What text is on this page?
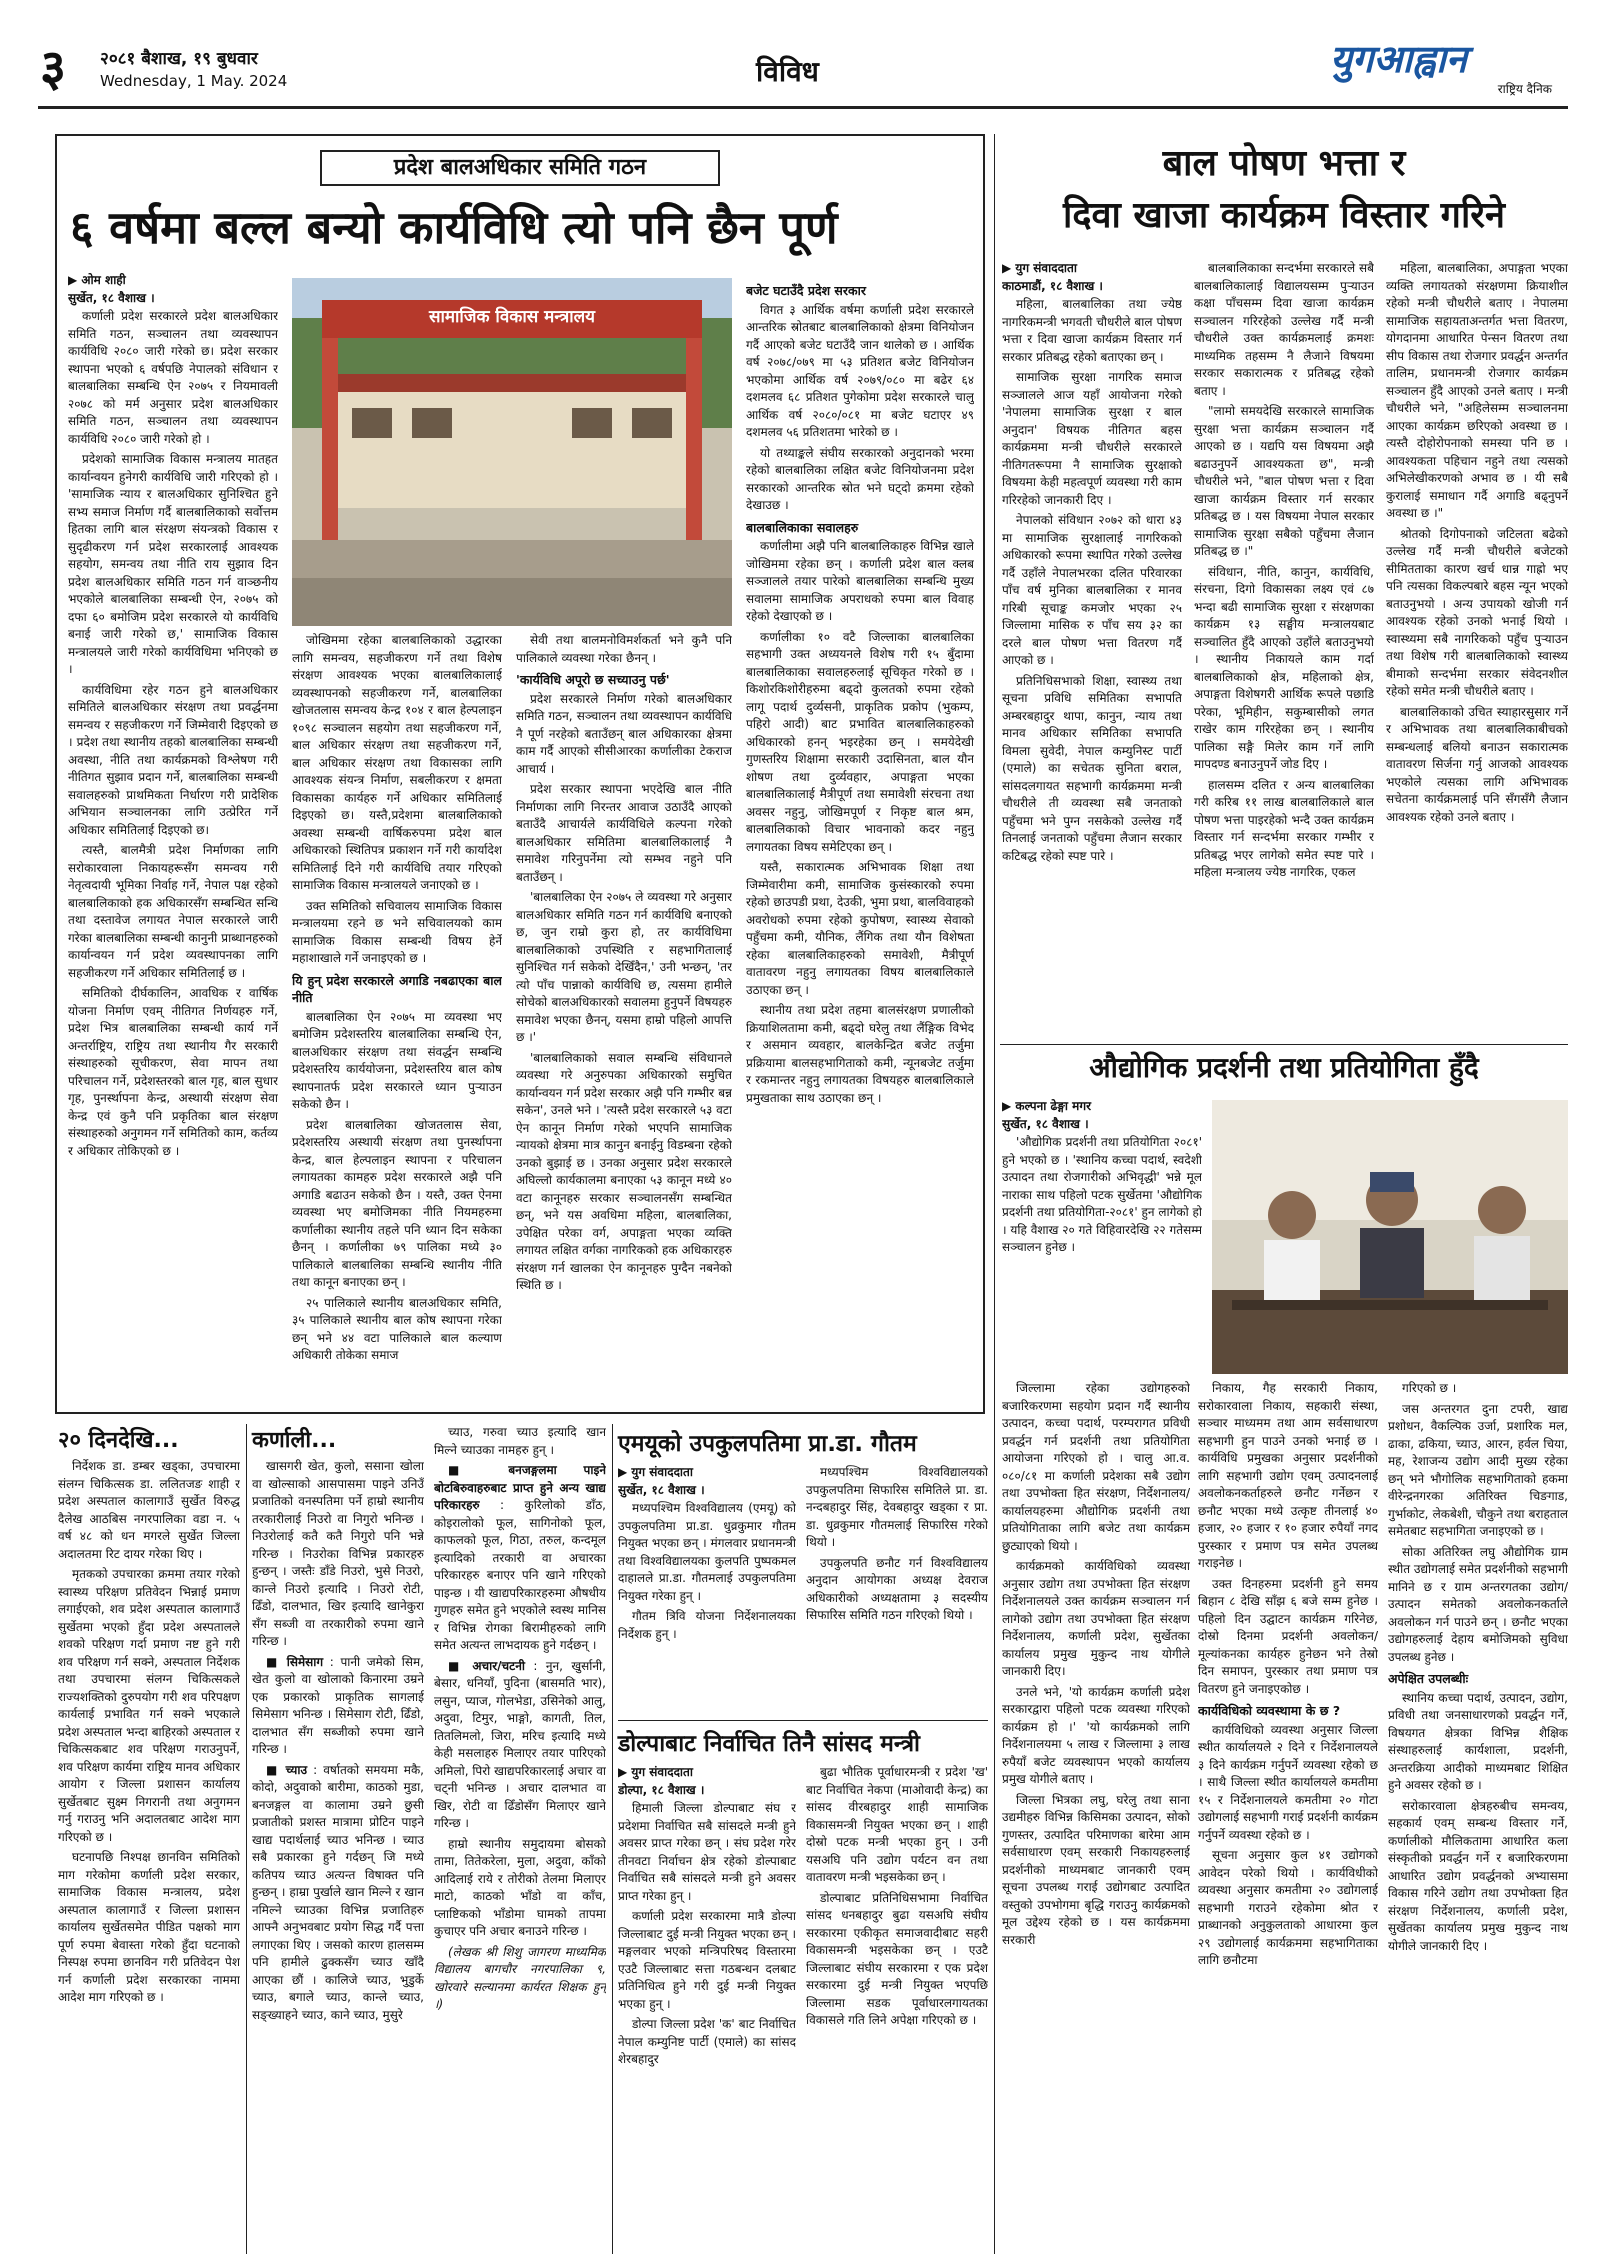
३ २०८१ बैशाख, १९ बुधवार
Wednesday, 1 May. 2024	विविध	युगआह्वान
राष्ट्रिय दैनिक
प्रदेश बालअधिकार समिति गठन
६ वर्षमा बल्ल बन्यो कार्यविधि त्यो पनि छैन पूर्ण
▶ ओम शाही
सुर्खेत, १८ वैशाख ।

कर्णाली प्रदेश सरकारले प्रदेश बालअधिकार समिति गठन, सञ्चालन तथा व्यवस्थापन कार्यविधि २०८० जारी गरेको छ। प्रदेश सरकार स्थापना भएको ६ वर्षपछि नेपालको संविधान र बालबालिका सम्बन्धि ऐन २०७५ र नियमावली २०७८ को मर्म अनुसार प्रदेश बालअधिकार समिति गठन, सञ्चालन तथा व्यवस्थापन कार्यविधि २०८० जारी गरेको हो ।

प्रदेशको सामाजिक विकास मन्त्रालय मातहत कार्यान्वयन हुनेगरी कार्यविधि जारी गरिएको हो । 'सामाजिक न्याय र बालअधिकार सुनिश्चित हुने सभ्य समाज निर्माण गर्दै बालबालिकाको सर्वोत्तम हितका लागि बाल संरक्षण संयन्त्रको विकास र सुदृढीकरण गर्न प्रदेश सरकारलाई आवश्यक सहयोग, समन्वय तथा नीति राय सुझाव दिन प्रदेश बालअधिकार समिति गठन गर्न वाञ्छनीय भएकोले बालबालिका सम्बन्धी ऐन, २०७५ को दफा ६० बमोजिम प्रदेश सरकारले यो कार्यविधि बनाई जारी गरेको छ,' सामाजिक विकास मन्त्रालयले जारी गरेको कार्यविधिमा भनिएको छ ।

कार्यविधिमा रहेर गठन हुने बालअधिकार समितिले बालअधिकार संरक्षण तथा प्रवर्द्धनमा समन्वय र सहजीकरण गर्ने जिम्मेवारी दिइएको छ । प्रदेश तथा स्थानीय तहको बालबालिका सम्बन्धी अवस्था, नीति तथा कार्यक्रमको विश्लेषण गरी नीतिगत सुझाव प्रदान गर्ने, बालबालिका सम्बन्धी सवालहरुको प्राथमिकता निर्धारण गरी प्रादेशिक अभियान सञ्चालनका लागि उत्प्रेरित गर्ने अधिकार समितिलाई दिइएको छ।

त्यस्तै, बालमैत्री प्रदेश निर्माणका लागि सरोकारवाला निकायहरूसँग समन्वय गरी नेतृत्वदायी भूमिका निर्वाह गर्ने, नेपाल पक्ष रहेको बालबालिकाको हक अधिकारसँग सम्बन्धित सन्धि तथा दस्तावेज लगायत नेपाल सरकारले जारी गरेका बालबालिका सम्बन्धी कानुनी प्राब्धानहरुको कार्यान्वयन गर्न प्रदेश व्यवस्थापनका लागि सहजीकरण गर्ने अधिकार समितिलाई छ ।

समितिको दीर्घकालिन, आवधिक र वार्षिक योजना निर्माण एवम् नीतिगत निर्णयहरु गर्ने, प्रदेश भित्र बालबालिका सम्बन्धी कार्य गर्ने अन्तर्राष्ट्रिय, राष्ट्रिय तथा स्थानीय गैर सरकारी संस्थाहरुको सूचीकरण, सेवा मापन तथा परिचालन गर्ने, प्रदेशस्तरको बाल गृह, बाल सुधार गृह, पुनर्स्थापना केन्द्र, अस्थायी संरक्षण सेवा केन्द्र एवं कुनै पनि प्रकृतिका बाल संरक्षण संस्थाहरुको अनुगमन गर्ने समितिको काम, कर्तव्य र अधिकार तोकिएको छ ।

सामाजिक विकास मन्त्रालय

जोखिममा रहेका बालबालिकाको उद्धारका लागि समन्वय, सहजीकरण गर्ने तथा विशेष संरक्षण आवश्यक भएका बालबालिकालाई व्यवस्थापनको सहजीकरण गर्ने, बालबालिका खोजतलास समन्वय केन्द्र १०४ र बाल हेल्पलाइन १०९८ सञ्चालन सहयोग तथा सहजीकरण गर्ने, बाल अधिकार संरक्षण तथा सहजीकरण गर्ने, बाल अधिकार संरक्षण तथा विकासका लागि आवश्यक संयन्त्र निर्माण, सबलीकरण र क्षमता विकासका कार्यहरु गर्ने अधिकार समितिलाई दिइएको छ। यस्तै,प्रदेशमा बालबालिकाको अवस्था सम्बन्धी वार्षिकरुपमा प्रदेश बाल अधिकारको स्थितिपत्र प्रकाशन गर्ने गरी कार्यादेश समितिलाई दिने गरी कार्यविधि तयार गरिएको सामाजिक विकास मन्त्रालयले जनाएको छ ।

उक्त समितिको सचिवालय सामाजिक विकास मन्त्रालयमा रहने छ भने सचिवालयको काम सामाजिक विकास सम्बन्धी विषय हेर्ने महाशाखाले गर्ने जनाइएको छ ।

यि हुन् प्रदेश सरकारले अगाडि नबढाएका बाल नीति

बालबालिका ऐन २०७५ मा व्यवस्था भए बमोजिम प्रदेशस्तरिय बालबालिका सम्बन्धि ऐन, बालअधिकार संरक्षण तथा संवर्द्धन सम्बन्धि प्रदेशस्तरिय कार्ययोजना, प्रदेशस्तरिय बाल कोष स्थापनातर्फ प्रदेश सरकारले ध्यान पुऱ्याउन सकेको छैन ।

प्रदेश बालबालिका खोजतलास सेवा, प्रदेशस्तरिय अस्थायी संरक्षण तथा पुनर्स्थापना केन्द्र, बाल हेल्पलाइन स्थापना र परिचालन लगायतका कामहरु प्रदेश सरकारले अझै पनि अगाडि बढाउन सकेको छैन । यस्तै, उक्त ऐनमा व्यवस्था भए बमोजिमका नीति नियमहरुमा कर्णालीका स्थानीय तहले पनि ध्यान दिन सकेका छैनन् । कर्णालीका ७९ पालिका मध्ये ३० पालिकाले बालबालिका सम्बन्धि स्थानीय नीति तथा कानून बनाएका छन् ।

२५ पालिकाले स्थानीय बालअधिकार समिति, ३५ पालिकाले स्थानीय बाल कोष स्थापना गरेका छन् भने ४४ वटा पालिकाले बाल कल्याण अधिकारी तोकेका समाज

सेवी तथा बालमनोविमर्शकर्ता भने कुनै पनि पालिकाले व्यवस्था गरेका छैनन् ।

'कार्यविधि अपूरो छ सच्याउनु पर्छ'

प्रदेश सरकारले निर्माण गरेको बालअधिकार समिति गठन, सञ्चालन तथा व्यवस्थापन कार्यविधि नै पूर्ण नरहेको बताउँछन् बाल अधिकारका क्षेत्रमा काम गर्दै आएको सीसीआरका कर्णालीका टेकराज आचार्य ।

प्रदेश सरकार स्थापना भएदेखि बाल नीति निर्माणका लागि निरन्तर आवाज उठाउँदै आएको बताउँदै आचार्यले कार्यविधिले कल्पना गरेको बालअधिकार समितिमा बालबालिकालाई नै समावेश गरिनुपर्नेमा त्यो सम्भव नहुने पनि बताउँछन् ।

'बालबालिका ऐन २०७५ ले व्यवस्था गरे अनुसार बालअधिकार समिति गठन गर्न कार्यविधि बनाएको छ, जुन राम्रो कुरा हो, तर कार्यविधिमा बालबालिकाको उपस्थिति र सहभागितालाई सुनिश्चित गर्न सकेको देखिँदैन,' उनी भन्छन्, 'तर त्यो पाँच पान्नाको कार्यविधि छ, त्यसमा हामीले सोचेको बालअधिकारको सवालमा हुनुपर्ने विषयहरु समावेश भएका छैनन्, यसमा हाम्रो पहिलो आपत्ति छ ।'

'बालबालिकाको सवाल सम्बन्धि संविधानले व्यवस्था गरे अनुरुपका अधिकारको समुचित कार्यान्वयन गर्न प्रदेश सरकार अझै पनि गम्भीर बन्न सकेन', उनले भने । 'त्यस्तै प्रदेश सरकारले ५३ वटा ऐन कानून निर्माण गरेको भएपनि सामाजिक न्यायको क्षेत्रमा मात्र कानुन बनाईनु विडम्बना रहेको उनको बुझाई छ । उनका अनुसार प्रदेश सरकारले अघिल्लो कार्यकालमा बनाएका ५३ कानून मध्ये ४० वटा कानूनहरु सरकार सञ्चालनसँग सम्बन्धित छन्, भने यस अवधिमा महिला, बालबालिका, उपेक्षित परेका वर्ग, अपाङ्गता भएका व्यक्ति लगायत लक्षित वर्गका नागरिकको हक अधिकारहरु संरक्षण गर्न खालका ऐन कानूनहरु पुग्दैन नबनेको स्थिति छ ।

बजेट घटाउँदै प्रदेश सरकार

विगत ३ आर्थिक वर्षमा कर्णाली प्रदेश सरकारले आन्तरिक स्रोतबाट बालबालिकाको क्षेत्रमा विनियोजन गर्दै आएको बजेट घटाउँदै जान थालेको छ । आर्थिक वर्ष २०७८/०७९ मा ५३ प्रतिशत बजेट विनियोजन भएकोमा आर्थिक वर्ष २०७९/०८० मा बढेर ६४ दशमलव ६८ प्रतिशत पुगेकोमा प्रदेश सरकारले चालु आर्थिक वर्ष २०८०/०८१ मा बजेट घटाएर ४९ दशमलव ५६ प्रतिशतमा भारेको छ ।

यो तथ्याङ्कले संघीय सरकारको अनुदानको भरमा रहेको बालबालिका लक्षित बजेट विनियोजनमा प्रदेश सरकारको आन्तरिक स्रोत भने घट्दो क्रममा रहेको देखाउछ ।

बालबालिकाका सवालहरु

कर्णालीमा अझै पनि बालबालिकाहरु विभिन्न खाले जोखिममा रहेका छन् । कर्णाली प्रदेश बाल क्लब सञ्जालले तयार पारेको बालबालिका सम्बन्धि मुख्य सवालमा सामाजिक अपराधको रुपमा बाल विवाह रहेको देखाएको छ ।

कर्णालीका १० वटै जिल्लाका बालबालिका सहभागी उक्त अध्ययनले विशेष गरी १५ बुँदामा बालबालिकाका सवालहरुलाई सूचिकृत गरेको छ । किशोरकिशोरीहरुमा बढ्दो कुलतको रुपमा रहेको लागू पदार्थ दुर्व्यसनी, प्राकृतिक प्रकोप (भुकम्प, पहिरो आदी) बाट प्रभावित बालबालिकाहरुको अधिकारको हनन् भइरहेका छन् । समयेदेखी गुणस्तरिय शिक्षामा सरकारी उदासिनता, बाल यौन शोषण तथा दुर्व्यवहार, अपाङ्गता भएका बालबालिकालाई मैत्रीपूर्ण तथा समावेशी संरचना तथा अवसर नहुनु, जोखिमपूर्ण र निकृष्ट बाल श्रम, बालबालिकाको विचार भावनाको कदर नहुनु लगायतका विषय समेटिएका छन् ।

यस्तै, सकारात्मक अभिभावक शिक्षा तथा जिम्मेवारीमा कमी, सामाजिक कुसंस्कारको रुपमा रहेको छाउपडी प्रथा, देउकी, भुमा प्रथा, बालविवाहको अवरोधको रुपमा रहेको कुपोषण, स्वास्थ्य सेवाको पहुँचमा कमी, यौनिक, लैंगिक तथा यौन विशेषता रहेका बालबालिकाहरुको समावेशी, मैत्रीपूर्ण वातावरण नहुनु लगायतका विषय बालबालिकाले उठाएका छन् ।

स्थानीय तथा प्रदेश तहमा बालसंरक्षण प्रणालीको क्रियाशिलतामा कमी, बढ्दो घरेलु तथा लैंङ्गिक विभेद र असमान व्यवहार, बालकेन्द्रित बजेट तर्जुमा प्रक्रियामा बालसहभागिताको कमी, न्यूनबजेट तर्जुमा र रकमान्तर नहुनु लगायतका विषयहरु बालबालिकाले प्रमुखताका साथ उठाएका छन् ।

बाल पोषण भत्ता र
दिवा खाजा कार्यक्रम विस्तार गरिने
▶ युग संवाददाता
काठमाडौं, १८ वैशाख ।

महिला, बालबालिका तथा ज्येष्ठ नागरिकमन्त्री भगवती चौधरीले बाल पोषण भत्ता र दिवा खाजा कार्यक्रम विस्तार गर्न सरकार प्रतिबद्ध रहेको बताएका छन् ।

सामाजिक सुरक्षा नागरिक समाज सञ्जालले आज यहाँ आयोजना गरेको 'नेपालमा सामाजिक सुरक्षा र बाल अनुदान' विषयक नीतिगत बहस कार्यक्रममा मन्त्री चौधरीले सरकारले नीतिगतरूपमा नै सामाजिक सुरक्षाको विषयमा केही महत्वपूर्ण व्यवस्था गरी काम गरिरहेको जानकारी दिए ।

नेपालको संविधान २०७२ को धारा ४३ मा सामाजिक सुरक्षालाई नागरिकको अधिकारको रूपमा स्थापित गरेको उल्लेख गर्दै उहाँले नेपालभरका दलित परिवारका पाँच वर्ष मुनिका बालबालिका र मानव गरिबी सूचाङ्क कमजोर भएका २५ जिल्लामा मासिक रु पाँच सय ३२ का दरले बाल पोषण भत्ता वितरण गर्दै आएको छ ।

प्रतिनिधिसभाको शिक्षा, स्वास्थ्य तथा सूचना प्रविधि समितिका सभापति अम्बरबहादुर थापा, कानुन, न्याय तथा मानव अधिकार समितिका सभापति विमला सुवेदी, नेपाल कम्युनिस्ट पार्टी (एमाले) का सचेतक सुनिता बराल, सांसदलगायत सहभागी कार्यक्रममा मन्त्री चौधरीले ती व्यवस्था सबै जनताको पहुँचमा भने पुग्न नसकेको उल्लेख गर्दै तिनलाई जनताको पहुँचमा लैजान सरकार कटिबद्ध रहेको स्पष्ट पारे ।

बालबालिकाका सन्दर्भमा सरकारले सबै बालबालिकालाई विद्यालयसम्म पुऱ्याउन कक्षा पाँचसम्म दिवा खाजा कार्यक्रम सञ्चालन गरिरहेको उल्लेख गर्दै मन्त्री चौधरीले उक्त कार्यक्रमलाई क्रमशः माध्यमिक तहसम्म नै लैजाने विषयमा सरकार सकारात्मक र प्रतिबद्ध रहेको बताए ।

"लामो समयदेखि सरकारले सामाजिक सुरक्षा भत्ता कार्यक्रम सञ्चालन गर्दै आएको छ । यद्यपि यस विषयमा अझै बढाउनुपर्ने आवश्यकता छ", मन्त्री चौधरीले भने, "बाल पोषण भत्ता र दिवा खाजा कार्यक्रम विस्तार गर्न सरकार प्रतिबद्ध छ । यस विषयमा नेपाल सरकार सामाजिक सुरक्षा सबैको पहुँचमा लैजान प्रतिबद्ध छ ।"

संविधान, नीति, कानुन, कार्यविधि, संरचना, दिगो विकासका लक्ष्य एवं ८७ भन्दा बढी सामाजिक सुरक्षा र संरक्षणका कार्यक्रम १३ सङ्घीय मन्त्रालयबाट सञ्चालित हुँदै आएको उहाँले बताउनुभयो । स्थानीय निकायले काम गर्दा बालबालिकाको क्षेत्र, महिलाको क्षेत्र, अपाङ्गता विशेषगरी आर्थिक रूपले पछाडि परेका, भूमिहीन, सकुम्बासीको लगत राखेर काम गरिरहेका छन् । स्थानीय पालिका सङ्गै मिलेर काम गर्ने लागि मापदण्ड बनाउनुपर्ने जोड दिए ।

हालसम्म दलित र अन्य बालबालिका गरी करिब ११ लाख बालबालिकाले बाल पोषण भत्ता पाइरहेको भन्दै उक्त कार्यक्रम विस्तार गर्न सन्दर्भमा सरकार गम्भीर र प्रतिबद्ध भएर लागेको समेत स्पष्ट पारे । महिला मन्त्रालय ज्येष्ठ नागरिक, एकल

महिला, बालबालिका, अपाङ्गता भएका व्यक्ति लगायतको संरक्षणमा क्रियाशील रहेको मन्त्री चौधरीले बताए । नेपालमा सामाजिक सहायताअन्तर्गत भत्ता वितरण, योगदानमा आधारित पेन्सन वितरण तथा सीप विकास तथा रोजगार प्रवर्द्धन अन्तर्गत तालिम, प्रधानमन्त्री रोजगार कार्यक्रम सञ्चालन हुँदै आएको उनले बताए । मन्त्री चौधरीले भने, "अहिलेसम्म सञ्चालनमा आएका कार्यक्रम छरिएको अवस्था छ । त्यस्तै दोहोरोपनाको समस्या पनि छ । आवश्यकता पहिचान नहुने तथा त्यसको अभिलेखीकरणको अभाव छ । यी सबै कुरालाई समाधान गर्दै अगाडि बढ्नुपर्ने अवस्था छ ।"

श्रोतको दिगोपनाको जटिलता बढेको उल्लेख गर्दै मन्त्री चौधरीले बजेटको सीमितताका कारण खर्च धान्न गाह्रो भए पनि त्यसका विकल्पबारे बहस न्यून भएको बताउनुभयो । अन्य उपायको खोजी गर्न आवश्यक रहेको उनको भनाई थियो । स्वास्थ्यमा सबै नागरिकको पहुँच पुऱ्याउन तथा विशेष गरी बालबालिकाको स्वास्थ्य बीमाको सन्दर्भमा सरकार संवेदनशील रहेको समेत मन्त्री चौधरीले बताए ।

बालबालिकाको उचित स्याहारसुसार गर्ने र अभिभावक तथा बालबालिकाबीचको सम्बन्धलाई बलियो बनाउन सकारात्मक वातावरण सिर्जना गर्नु आजको आवश्यक भएकोले त्यसका लागि अभिभावक सचेतना कार्यक्रमलाई पनि सँगसँगै लैजान आवश्यक रहेको उनले बताए ।

औद्योगिक प्रदर्शनी तथा प्रतियोगिता हुँदै
▶ कल्पना ढेङ्गा मगर
सुर्खेत, १८ वैशाख ।

'औद्योगिक प्रदर्शनी तथा प्रतियोगिता २०८१' हुने भएको छ । 'स्थानिय कच्चा पदार्थ, स्वदेशी उत्पादन तथा रोजगारीको अभिवृद्धी' भन्ने मूल नाराका साथ पहिलो पटक सुर्खेतमा 'औद्योगिक प्रदर्शनी तथा प्रतियोगिता-२०८१' हुन लागेको हो । यहि वैशाख २० गते विहिवारदेखि २२ गतेसम्म सञ्चालन हुनेछ ।

जिल्लामा रहेका उद्योगहरुको बजारिकरणमा सहयोग प्रदान गर्दै स्थानीय उत्पादन, कच्चा पदार्थ, परम्परागत प्रविधी प्रवर्द्धन गर्न प्रदर्शनी तथा प्रतियोगिता आयोजना गरिएको हो । चालु आ.व. ०८०/८१ मा कर्णाली प्रदेशका सबै उद्योग तथा उपभोक्ता हित संरक्षण, निर्देशनालय/कार्यालयहरुमा औद्योगिक प्रदर्शनी तथा प्रतियोगिताका लागि बजेट तथा कार्यक्रम छुट्याएको थियो ।

कार्यक्रमको कार्यविधिको व्यवस्था अनुसार उद्योग तथा उपभोक्ता हित संरक्षण निर्देशनालयले उक्त कार्यक्रम सञ्चालन गर्न लागेको उद्योग तथा उपभोक्ता हित संरक्षण निर्देशनालय, कर्णाली प्रदेश, सुर्खेतका कार्यालय प्रमुख मुकुन्द नाथ योगीले जानकारी दिए।

उनले भने, 'यो कार्यक्रम कर्णाली प्रदेश सरकारद्वारा पहिलो पटक व्यवस्था गरिएको कार्यक्रम हो ।' 'यो कार्यक्रमको लागि निर्देशनालयमा ५ लाख र जिल्लामा ३ लाख रुपैयाँ बजेट व्यवस्थापन भएको कार्यालय प्रमुख योगीले बताए ।

जिल्ला भित्रका लघु, घरेलु तथा साना उद्यमीहरु विभिन्न किसिमका उत्पादन, सोको गुणस्तर, उत्पादित परिमाणका बारेमा आम सर्वसाधारण एवम् सरकारी निकायहरुलाई प्रदर्शनीको माध्यमबाट जानकारी एवम् सूचना उपलब्ध गराई उद्योगबाट उत्पादित वस्तुको उपभोगमा बृद्धि गराउनु कार्यक्रमको मूल उद्देश्य रहेको छ । यस कार्यक्रममा सरकारी

निकाय, गैह सरकारी निकाय, सरोकारवाला निकाय, सहकारी संस्था, सञ्चार माध्यमम तथा आम सर्वसाधारण सहभागी हुन पाउने उनको भनाई छ । कार्यविधि प्रमुखका अनुसार प्रदर्शनीको लागि सहभागी उद्योग एवम् उत्पादनलाई अवलोकनकर्ताहरुले छनौट गर्नेछन र छनौट भएका मध्ये उत्कृष्ट तीनलाई ४० हजार, २० हजार र १० हजार रुपैयाँ नगद पुरस्कार र प्रमाण पत्र समेत उपलब्ध गराइनेछ ।

उक्त दिनहरुमा प्रदर्शनी हुने समय बिहान ८ देखि साँझ ६ बजे सम्म हुनेछ । पहिलो दिन उद्घाटन कार्यक्रम गरिनेछ, दोस्रो दिनमा प्रदर्शनी अवलोकन/मूल्यांकनका कार्यहरु हुनेछन भने तेस्रो दिन समापन, पुरस्कार तथा प्रमाण पत्र वितरण हुने जनाइएकोछ ।

कार्यविधिको व्यवस्थामा के छ ?

कार्यविधिको व्यवस्था अनुसार जिल्ला स्थीत कार्यालयले २ दिने र निर्देशनालयले ३ दिने कार्यक्रम गर्नुपर्ने व्यवस्था रहेको छ । साथै जिल्ला स्थीत कार्यालयले कमतीमा १५ र निर्देशनालयले कमतीमा २० गोटा उद्योगलाई सहभागी गराई प्रदर्शनी कार्यक्रम गर्नुपर्ने व्यवस्था रहेको छ ।

सूचना अनुसार कुल ४१ उद्योगको आवेदन परेको थियो । कार्यविधीको व्यवस्था अनुसार कमतीमा २० उद्योगलाई सहभागी गराउने रहेकोमा श्रोत र प्राब्धानको अनुकुलताको आधारमा कुल २९ उद्योगलाई कार्यक्रममा सहभागिताका लागि छनौटमा

गरिएको छ ।

जस अन्तरगत दुना टपरी, खाद्य प्रशोधन, वैकल्पिक उर्जा, प्रशारिक मल, ढाका, ढकिया, च्याउ, आरन, हर्वल चिया, मह, रेशाजन्य उद्योग आदी मुख्य रहेका छन् भने भौगोलिक सहभागिताको हकमा वीरेन्द्रनगरका अतिरिक्त चिङगाड, गुर्भाकोट, लेकबेशी, चौकुने तथा बराहताल समेतबाट सहभागिता जनाइएको छ ।

सोका अतिरिक्त लघु औद्योगिक ग्राम स्थीत उद्योगलाई समेत प्रदर्शनीको सहभागी मानिने छ र ग्राम अन्तरगतका उद्योग/उत्पादन समेतको अवलोकनकर्ताले अवलोकन गर्न पाउने छन् । छनौट भएका उद्योगहरुलाई देहाय बमोजिमको सुविधा उपलब्ध हुनेछ ।

अपेक्षित उपलब्धीः

स्थानिय कच्चा पदार्थ, उत्पादन, उद्योग, प्रविधी तथा जनसाधारणको प्रवर्द्धन गर्ने, विषयगत क्षेत्रका विभिन्न शैक्षिक संस्थाहरुलाई कार्यशाला, प्रदर्शनी, अन्तरक्रिया आदीको माध्यमबाट शिक्षित हुने अवसर रहेको छ ।

सरोकारवाला क्षेत्रहरुबीच समन्वय, सहकार्य एवम् सम्बन्ध विस्तार गर्ने, कर्णालीको मौलिकतामा आधारित कला संस्कृतीको प्रवर्द्धन गर्ने र बजारिकरणमा आधारित उद्योग प्रवर्द्धनको अभ्यासमा विकास गरिने उद्योग तथा उपभोक्ता हित संरक्षण निर्देशनालय, कर्णाली प्रदेश, सुर्खेतका कार्यालय प्रमुख मुकुन्द नाथ योगीले जानकारी दिए ।

२० दिनदेखि...

निर्देशक डा. डम्बर खड्का, उपचारमा संलग्न चिकित्सक डा. ललितजङ शाही र प्रदेश अस्पताल कालागाउँ सुर्खेत विरुद्ध दैलेख आठबिस नगरपालिका वडा न. ५ वर्ष ४८ को धन मगरले सुर्खेत जिल्ला अदालतमा रिट दायर गरेका थिए ।

मृतकको उपचारका क्रममा तयार गरेको स्वास्थ्य परिक्षण प्रतिवेदन भिन्नाई प्रमाण लगाईएको, शव प्रदेश अस्पताल कालागाउँ सुर्खेतमा भएको हुँदा प्रदेश अस्पतालले शवको परिक्षण गर्दा प्रमाण नष्ट हुने गरी शव परिक्षण गर्न सक्ने, अस्पताल निर्देशक तथा उपचारमा संलग्न चिकित्सकले राज्यशक्तिको दुरुपयोग गरी शव परिपक्षण कार्यलाई प्रभावित गर्न सक्ने भएकाले प्रदेश अस्पताल भन्दा बाहिरको अस्पताल र चिकित्सकबाट शव परिक्षण गराउनुपर्ने, शव परिक्षण कार्यमा राष्ट्रिय मानव अधिकार आयोग र जिल्ला प्रशासन कार्यालय सुर्खेतबाट सुक्ष्म निगरानी तथा अनुगमन गर्नु गराउनु भनि अदालतबाट आदेश माग गरिएको छ ।

घटनापछि निश्पक्ष छानविन समितिको माग गरेकोमा कर्णाली प्रदेश सरकार, सामाजिक विकास मन्त्रालय, प्रदेश अस्पताल कालागाउँ र जिल्ला प्रशासन कार्यालय सुर्खेतसमेत पीडित पक्षको माग पूर्ण रुपमा बेवास्ता गरेको हुँदा घटनाको निस्पक्ष रुपमा छानविन गरी प्रतिवेदन पेश गर्न कर्णाली प्रदेश सरकारका नाममा आदेश माग गरिएको छ ।

कर्णाली...

खासगरी खेत, कुलो, ससाना खोला वा खोल्साको आसपासमा पाइने उनिउँ प्रजातिको वनस्पतिमा पर्ने हाम्रो स्थानीय तरकारीलाई निउरो वा निगुरो भनिन्छ । निउरोलाई कतै कतै निगुरो पनि भन्ने गरिन्छ । निउरोका विभिन्न प्रकारहरु हुन्छन् । जस्तैः डाँडे निउरो, भुसे निउरो, कान्ले निउरो इत्यादि । निउरो रोटी, ढिँडो, दालभात, खिर इत्यादि खानेकुरा सँग सब्जी वा तरकारीको रुपमा खाने गरिन्छ ।

■ सिमेसाग : पानी जमेको सिम, खेत कुलो वा खोलाको किनारमा उम्रने एक प्रकारको प्राकृतिक सागलाई सिमेसाग भनिन्छ । सिमेसाग रोटी, ढिँडो, दालभात सँग सब्जीको रुपमा खाने गरिन्छ ।

■ च्याउ : वर्षातको समयमा मकै, कोदो, अदुवाको बारीमा, काठको मुडा, बनजङ्गल वा कालामा उम्रने छुसी प्रजातीको प्रशस्त मात्रामा प्रोटिन पाइने खाद्य पदार्थलाई च्याउ भनिन्छ । च्याउ सबै प्रकारका हुने गर्दछन् जि मध्ये कतिपय च्याउ अत्यन्त विषाक्त पनि हुन्छन् । हाम्रा पुर्खाले खान मिल्ने र खान नमिल्ने च्याउका विभिन्न प्रजातिहरु आफ्नै अनुभवबाट प्रयोग सिद्ध गर्दै पत्ता लगाएका थिए । जसको कारण हालसम्म पनि हामीले ढुक्कसँग च्याउ खाँदै आएका छौं । कालिजे च्याउ, भुडुर्के च्याउ, बगाले च्याउ, कान्ले च्याउ, सङ्ख्याहने च्याउ, काने च्याउ, मुसुरे

च्याउ, गरुवा च्याउ इत्यादि खान मिल्ने च्याउका नामहरु हुन् ।

■ बनजङ्गलमा पाइने बोटबिरुवाहरुबाट प्राप्त हुने अन्य खाद्य परिकारहरु : कुरिलोको डाँठ, कोइरालोको फूल, सागिनोको फूल, काफलको फूल, गिठा, तरुल, कन्दमूल इत्यादिको तरकारी वा अचारका परिकारहरु बनाएर पनि खाने गरिएको पाइन्छ । यी खाद्यपरिकारहरुमा औषधीय गुणहरु समेत हुने भएकोले स्वस्थ मानिस र विभिन्न रोगका बिरामीहरुको लागि समेत अत्यन्त लाभदायक हुने गर्दछन् ।

■ अचार/चटनी : नुन, खुर्सानी, बेसार, धनियाँ, पुदिना (बासमति भार), लसुन, प्याज, गोलभेडा, उसिनेको आलु, अदुवा, टिमुर, भाङ्गो, कागती, तिल, तितलिमलो, जिरा, मरिच इत्यादि मध्ये केही मसलाहरु मिलाएर तयार पारिएको अमिलो, पिरो खाद्यपरिकारलाई अचार वा चट्नी भनिन्छ । अचार दालभात वा खिर, रोटी वा ढिँडोसँग मिलाएर खाने गरिन्छ ।

हाम्रो स्थानीय समुदायमा बोसको तामा, तितेकरेला, मुला, अदुवा, काँको आदिलाई राये र तोरीको तेलमा मिलाएर माटो, काठको भाँडो वा काँच, प्लाष्टिकको भाँडोमा घामको तापमा कुचाएर पनि अचार बनाउने गरिन्छ ।

(लेखक श्री शिशु जागरण माध्यमिक विद्यालय बागचौर नगरपालिका ९, खोरवारे सल्यानमा कार्यरत शिक्षक हुन् ।)

एमयूको उपकुलपतिमा प्रा.डा. गौतम
▶ युग संवाददाता
सुर्खेत, १८ वैशाख ।

मध्यपश्चिम विश्वविद्यालय (एमयू) को उपकुलपतिमा प्रा.डा. धुव्रकुमार गौतम नियुक्त भएका छन् । मंगलवार प्रधानमन्त्री तथा विश्वविद्यालयका कुलपति पुष्पकमल दाहालले प्रा.डा. गौतमलाई उपकुलपतिमा नियुक्त गरेका हुन् ।

गौतम त्रिवि योजना निर्देशनालयका निर्देशक हुन् ।

मध्यपश्चिम विश्वविद्यालयको उपकुलपतिमा सिफारिस समितिले प्रा. डा. नन्दबहादुर सिंह, देवबहादुर खड्का र प्रा. डा. धुव्रकुमार गौतमलाई सिफारिस गरेको थियो ।

उपकुलपति छनौट गर्न विश्वविद्यालय अनुदान आयोगका अध्यक्ष देवराज अधिकारीको अध्यक्षतामा ३ सदस्यीय सिफारिस समिति गठन गरिएको थियो ।

डोल्पाबाट निर्वाचित तिनै सांसद मन्त्री
▶ युग संवाददाता
डोल्पा, १८ वैशाख ।

हिमाली जिल्ला डोल्पाबाट संघ र प्रदेशमा निर्वाचित सबै सांसदले मन्त्री हुने अवसर प्राप्त गरेका छन् । संघ प्रदेश गरेर तीनवटा निर्वाचन क्षेत्र रहेको डोल्पाबाट निर्वाचित सबै सांसदले मन्त्री हुने अवसर प्राप्त गरेका हुन् ।

कर्णाली प्रदेश सरकारमा मात्रै डोल्पा जिल्लाबाट दुई मन्त्री नियुक्त भएका छन् । मङ्गलवार भएको मन्त्रिपरिषद विस्तारमा एउटै जिल्लाबाट सत्ता गठबन्धन दलबाट प्रतिनिधित्व हुने गरी दुई मन्त्री नियुक्त भएका हुन् ।

डोल्पा जिल्ला प्रदेश 'क' बाट निर्वाचित नेपाल कम्युनिष्ट पार्टी (एमाले) का सांसद शेरबहादुर

बुढा भौतिक पूर्वाधारमन्त्री र प्रदेश 'ख' बाट निर्वाचित नेकपा (माओवादी केन्द्र) का सांसद वीरबहादुर शाही सामाजिक विकासमन्त्री नियुक्त भएका छन् । शाही दोस्रो पटक मन्त्री भएका हुन् । उनी यसअघि पनि उद्योग पर्यटन वन तथा वातावरण मन्त्री भइसकेका छन् ।

डोल्पाबाट प्रतिनिधिसभामा निर्वाचित सांसद धनबहादुर बुढा यसअघि संघीय सरकारमा एकीकृत समाजवादीबाट सहरी विकासमन्त्री भइसकेका छन् । एउटै जिल्लाबाट संघीय सरकारमा र एक प्रदेश सरकारमा दुई मन्त्री नियुक्त भएपछि जिल्लामा सडक पूर्वाधारलगायतका विकासले गति लिने अपेक्षा गरिएको छ ।
